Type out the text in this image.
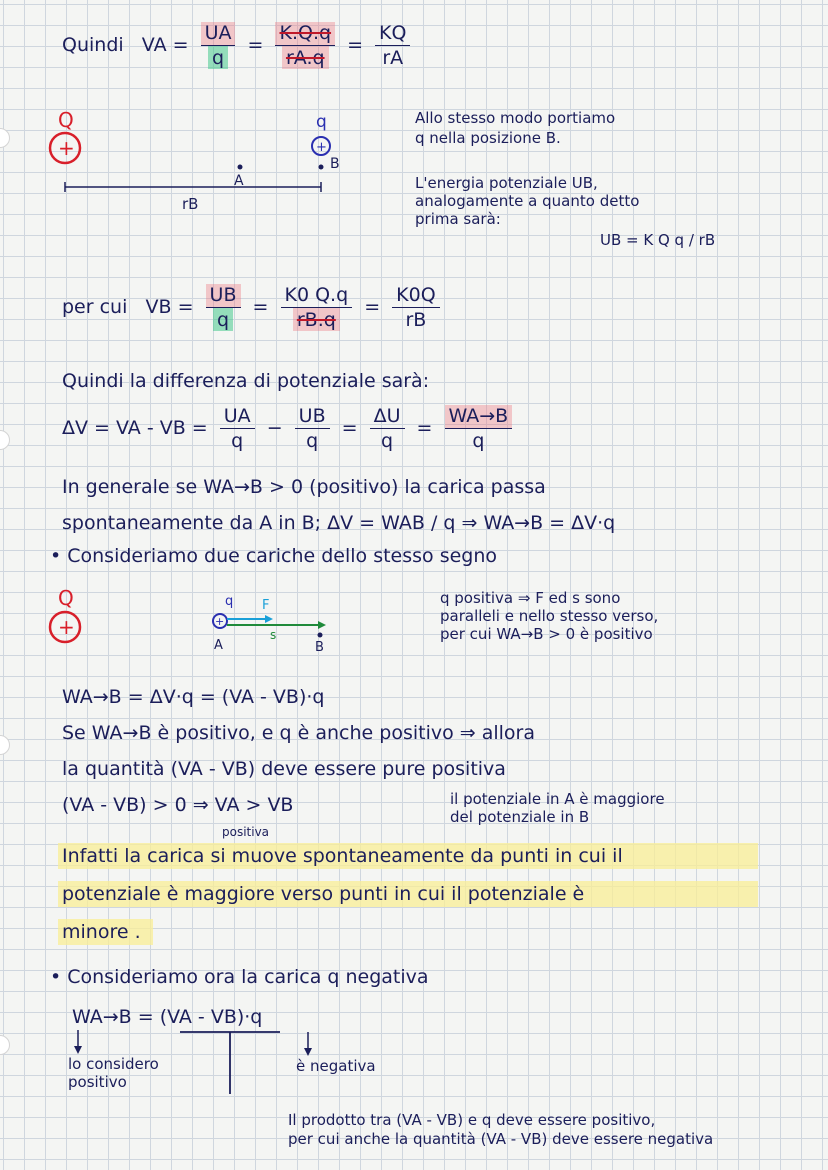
Quindi VA = $\frac{UA}{q} = \frac{K.Q.q}{rA.q} = \frac{KQ}{rA}$
Q
+
q
+
A
B
rB
Allo stesso modo portiamo
q nella posizione B.
L'energia potenziale UB,
analogamente a quanto detto
prima sarà:
UB = K Q q / rB
per cui VB = $\frac{UB}{q} = \frac{K0 Q.q}{rB.q} = \frac{K0Q}{rB}$
Quindi la differenza di potenziale sarà:
ΔV = VA - VB = $\frac{UA}{q} - \frac{UB}{q} = \frac{\Delta U}{q} = \frac{WA\to B}{q}$
In generale se WA→B > 0 (positivo) la carica passa
spontaneamente da A in B; ΔV = WAB / q ⇒ WA→B = ΔV·q
• Consideriamo due cariche dello stesso segno
Q
+
q
+
F
s
A	B
q positiva ⇒ F ed s sono
paralleli e nello stesso verso,
per cui WA→B > 0 è positivo
WA→B = ΔV·q = (VA - VB)·q
Se WA→B è positivo, e q è anche positivo ⇒ allora
la quantità (VA - VB) deve essere pure positiva
(VA - VB) > 0 ⇒ VA > VB	il potenziale in A è maggiore
del potenziale in B
positiva
Infatti la carica si muove spontaneamente da punti in cui il
potenziale è maggiore verso punti in cui il potenziale è
minore .
• Consideriamo ora la carica q negativa
WA→B = (VA - VB)·q
lo considero
positivo
è negativa
Il prodotto tra (VA - VB) e q deve essere positivo,
per cui anche la quantità (VA - VB) deve essere negativa
